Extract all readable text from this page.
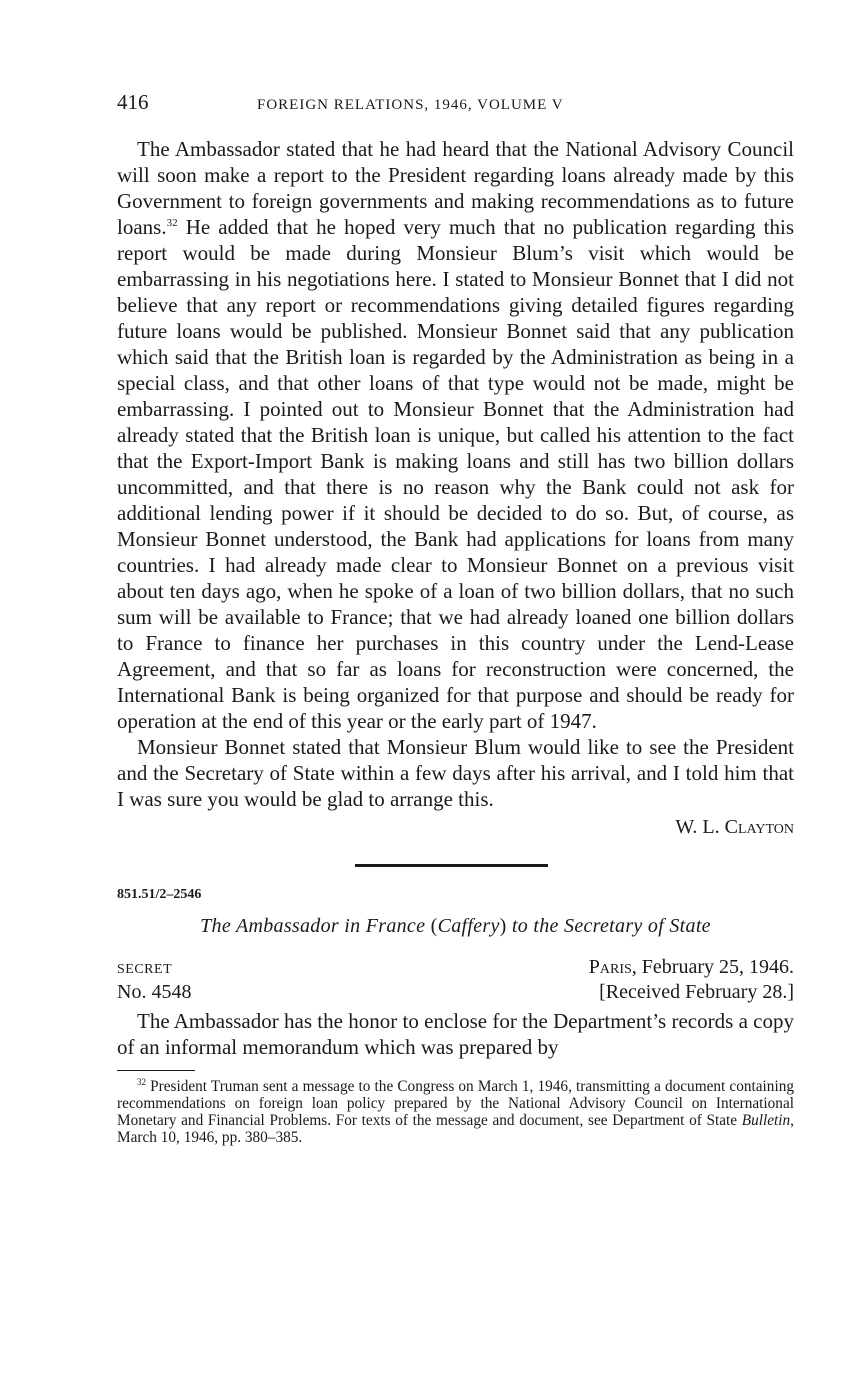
416	FOREIGN RELATIONS, 1946, VOLUME V

The Ambassador stated that he had heard that the National Advisory Council will soon make a report to the President regarding loans already made by this Government to foreign governments and making recommendations as to future loans.$^{32}$ He added that he hoped very much that no publication regarding this report would be made during Monsieur Blum’s visit which would be embarrassing in his negotiations here. I stated to Monsieur Bonnet that I did not believe that any report or recommendations giving detailed figures regarding future loans would be published. Monsieur Bonnet said that any publication which said that the British loan is regarded by the Administration as being in a special class, and that other loans of that type would not be made, might be embarrassing. I pointed out to Monsieur Bonnet that the Administration had already stated that the British loan is unique, but called his attention to the fact that the Export-Import Bank is making loans and still has two billion dollars uncommitted, and that there is no reason why the Bank could not ask for additional lending power if it should be decided to do so. But, of course, as Monsieur Bonnet understood, the Bank had applications for loans from many countries. I had already made clear to Monsieur Bonnet on a previous visit about ten days ago, when he spoke of a loan of two billion dollars, that no such sum will be available to France; that we had already loaned one billion dollars to France to finance her purchases in this country under the Lend-Lease Agreement, and that so far as loans for reconstruction were concerned, the International Bank is being organized for that purpose and should be ready for operation at the end of this year or the early part of 1947.

Monsieur Bonnet stated that Monsieur Blum would like to see the President and the Secretary of State within a few days after his arrival, and I told him that I was sure you would be glad to arrange this.

W. L. Clayton
851.51/2–2546
The Ambassador in France (Caffery) to the Secretary of State
SECRET	Paris, February 25, 1946.
No. 4548	[Received February 28.]

The Ambassador has the honor to enclose for the Department’s records a copy of an informal memorandum which was prepared by

$^{32}$ President Truman sent a message to the Congress on March 1, 1946, transmitting a document containing recommendations on foreign loan policy prepared by the National Advisory Council on International Monetary and Financial Problems. For texts of the message and document, see Department of State Bulletin, March 10, 1946, pp. 380–385.
